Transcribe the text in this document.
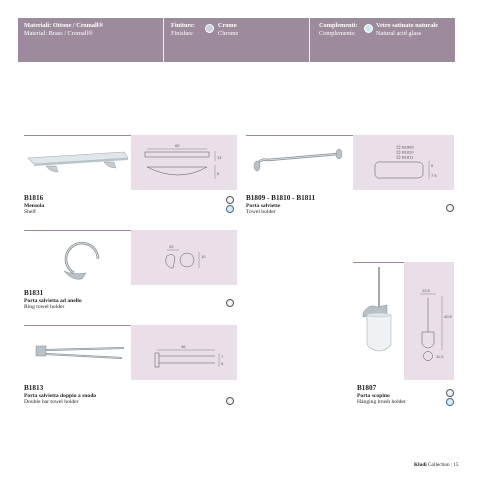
Materiali: Ottone / Cromall®
Material: Brass / Cromall®
Finiture:
Finishes:
Cromo
Chrome
Complementi:
Complements:
Vetro satinato naturale
Natural acid glass
60
13
5
B1816
Mensola
Shelf
B1809
B1810
B1811
6
7.5
B1809 - B1810 - B1811
Porta salviette
Towel holder
20
10
B1831
Porta salvietta ad anello
Ring towel holder
46
7
5
B1813
Porta salvietta doppio a snodo
Double bar towel holder
12.5
40.5
11.5
B1807
Porta scopino
Hanging brush holder
Kludi Collection | 15
